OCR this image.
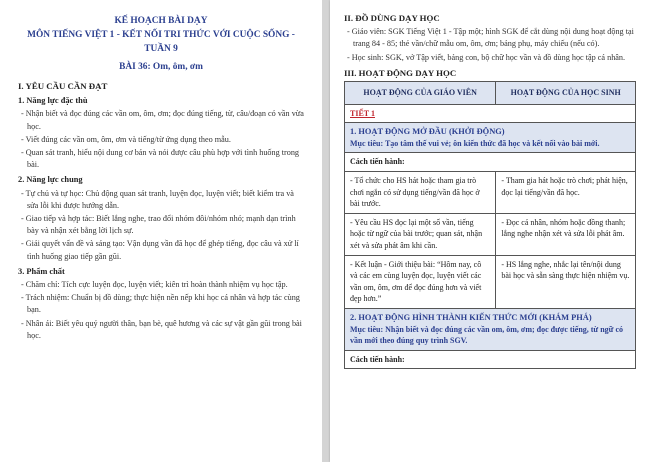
KẾ HOẠCH BÀI DẠY
MÔN TIẾNG VIỆT 1 - KẾT NỐI TRI THỨC VỚI CUỘC SỐNG - TUẦN 9
BÀI 36: Om, ôm, ơm
I. YÊU CẦU CẦN ĐẠT
1. Năng lực đặc thù

- Nhận biết và đọc đúng các vần om, ôm, ơm; đọc đúng tiếng, từ, câu/đoạn có vần vừa học.

- Viết đúng các vần om, ôm, ơm và tiếng/từ ứng dụng theo mẫu.

- Quan sát tranh, hiểu nội dung cơ bản và nói được câu phù hợp với tình huống trong bài.

2. Năng lực chung

- Tự chủ và tự học: Chủ động quan sát tranh, luyện đọc, luyện viết; biết kiểm tra và sửa lỗi khi được hướng dẫn.

- Giao tiếp và hợp tác: Biết lắng nghe, trao đổi nhóm đôi/nhóm nhỏ; mạnh dạn trình bày và nhận xét bằng lời lịch sự.

- Giải quyết vấn đề và sáng tạo: Vận dụng vần đã học để ghép tiếng, đọc câu và xử lí tình huống giao tiếp gần gũi.

3. Phẩm chất

- Chăm chỉ: Tích cực luyện đọc, luyện viết; kiên trì hoàn thành nhiệm vụ học tập.

- Trách nhiệm: Chuẩn bị đồ dùng; thực hiện nền nếp khi học cá nhân và hợp tác cùng bạn.

- Nhân ái: Biết yêu quý người thân, bạn bè, quê hương và các sự vật gần gũi trong bài học.

II. ĐỒ DÙNG DẠY HỌC

- Giáo viên: SGK Tiếng Việt 1 - Tập một; hình SGK để cắt dùng nội dung hoạt động tại trang 84 - 85; thẻ vần/chữ mẫu om, ôm, ơm; bảng phụ, máy chiếu (nếu có).

- Học sinh: SGK, vở Tập viết, bảng con, bộ chữ học vần và đồ dùng học tập cá nhân.

III. HOẠT ĐỘNG DẠY HỌC
HOẠT ĐỘNG CỦA GIÁO VIÊN	HOẠT ĐỘNG CỦA HỌC SINH
TIẾT 1	

1. HOẠT ĐỘNG MỞ ĐẦU (KHỞI ĐỘNG)
Mục tiêu: Tạo tâm thế vui vẻ; ôn kiến thức đã học và kết nối vào bài mới.	

Cách tiến hành:	
- Tổ chức cho HS hát hoặc tham gia trò chơi ngắn có sử dụng tiếng/vần đã học ở bài trước.	- Tham gia hát hoặc trò chơi; phát hiện, đọc lại tiếng/vần đã học.
- Yêu cầu HS đọc lại một số vần, tiếng hoặc từ ngữ của bài trước; quan sát, nhận xét và sửa phát âm khi cần.	- Đọc cá nhân, nhóm hoặc đồng thanh; lắng nghe nhận xét và sửa lỗi phát âm.
- Kết luận - Giới thiệu bài: “Hôm nay, cô và các em cùng luyện đọc, luyện viết các vần om, ôm, ơm để đọc đúng hơn và viết đẹp hơn.”	- HS lắng nghe, nhắc lại tên/nội dung bài học và sẵn sàng thực hiện nhiệm vụ.

2. HOẠT ĐỘNG HÌNH THÀNH KIẾN THỨC MỚI (KHÁM PHÁ)
Mục tiêu: Nhận biết và đọc đúng các vần om, ôm, ơm; đọc được tiếng, từ ngữ có vần mới theo đúng quy trình SGV.	

Cách tiến hành:	
